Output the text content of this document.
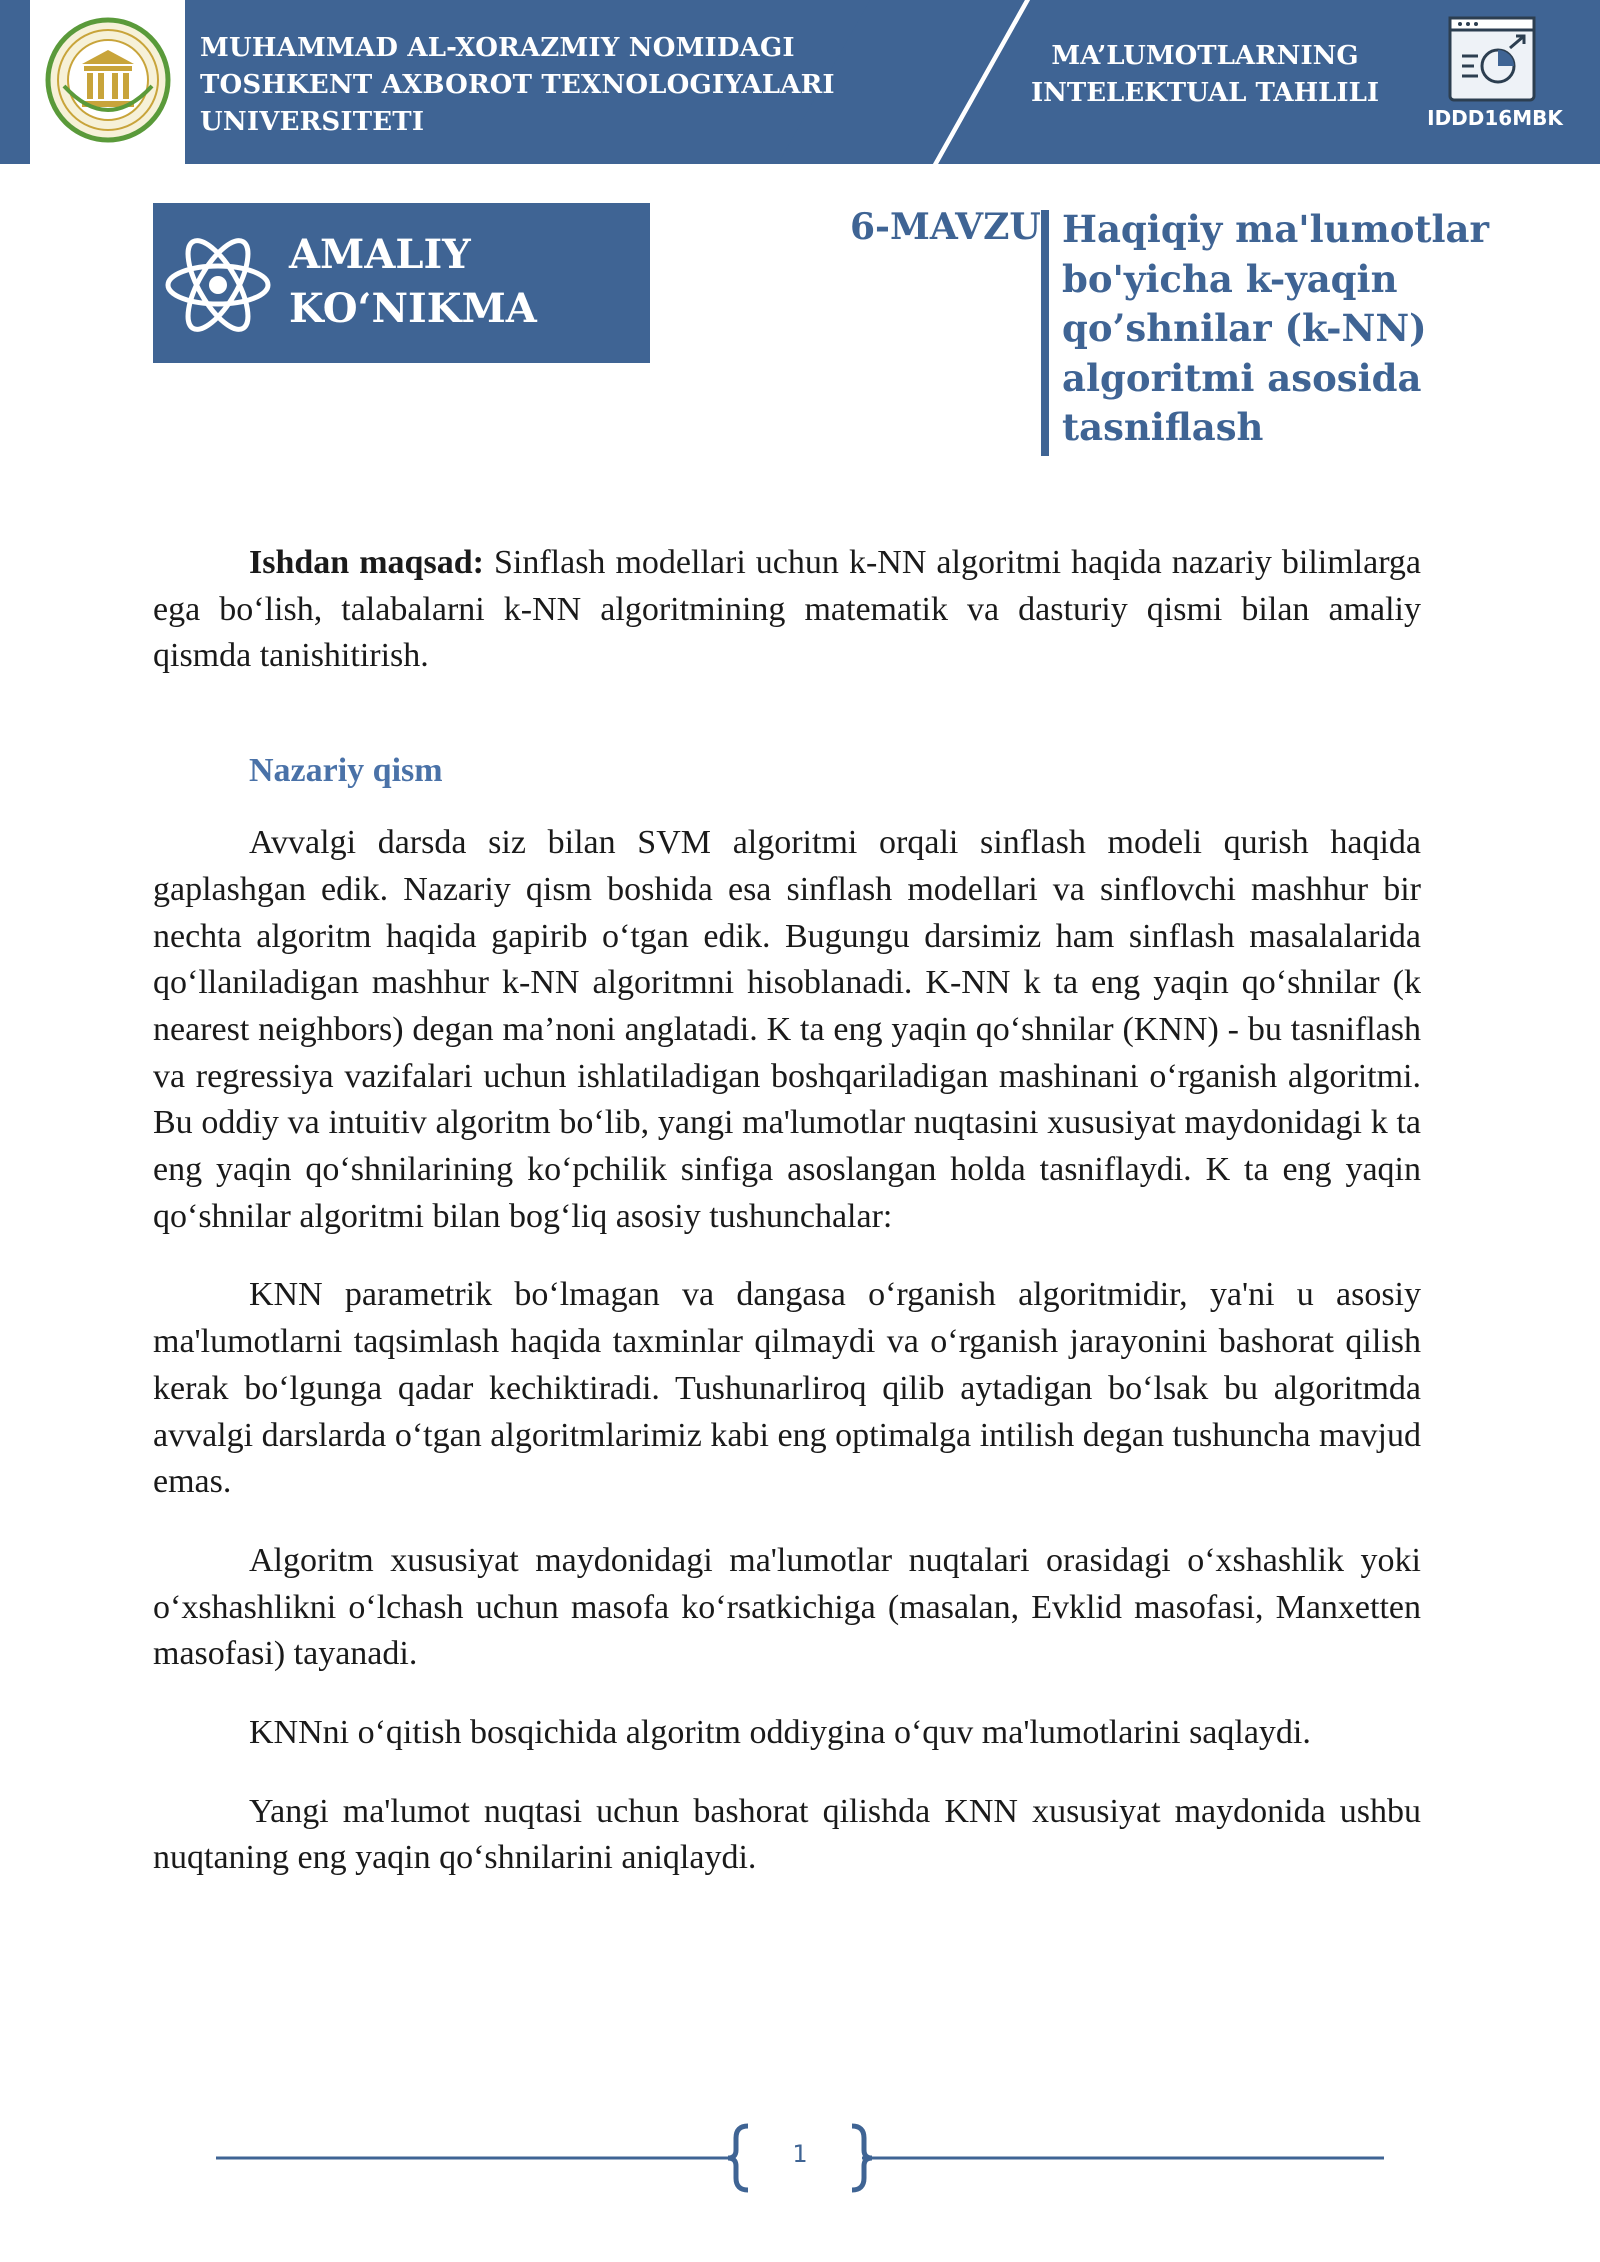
MUHAMMAD AL-XORAZMIY NOMIDAGI
TOSHKENT AXBOROT TEXNOLOGIYALARI
UNIVERSITETI
MA’LUMOTLARNING
INTELEKTUAL TAHLILI
IDDD16MBK
AMALIY
KO‘NIKMA
6-MAVZU Haqiqiy ma'lumotlar
bo'yicha k-yaqin
qo’shnilar (k-NN)
algoritmi asosida
tasniflash

Ishdan maqsad: Sinflash modellari uchun k-NN algoritmi haqida nazariy bilimlarga ega bo‘lish, talabalarni k-NN algoritmining matematik va dasturiy qismi bilan amaliy qismda tanishitirish.

Nazariy qism

Avvalgi darsda siz bilan SVM algoritmi orqali sinflash modeli qurish haqida gaplashgan edik. Nazariy qism boshida esa sinflash modellari va sinflovchi mashhur bir nechta algoritm haqida gapirib o‘tgan edik. Bugungu darsimiz ham sinflash masalalarida qo‘llaniladigan mashhur k-NN algoritmni hisoblanadi. K-NN k ta eng yaqin qo‘shnilar (k nearest neighbors) degan ma’noni anglatadi. K ta eng yaqin qo‘shnilar (KNN) - bu tasniflash va regressiya vazifalari uchun ishlatiladigan boshqariladigan mashinani o‘rganish algoritmi. Bu oddiy va intuitiv algoritm bo‘lib, yangi ma'lumotlar nuqtasini xususiyat maydonidagi k ta eng yaqin qo‘shnilarining ko‘pchilik sinfiga asoslangan holda tasniflaydi. K ta eng yaqin qo‘shnilar algoritmi bilan bog‘liq asosiy tushunchalar:

KNN parametrik bo‘lmagan va dangasa o‘rganish algoritmidir, ya'ni u asosiy ma'lumotlarni taqsimlash haqida taxminlar qilmaydi va o‘rganish jarayonini bashorat qilish kerak bo‘lgunga qadar kechiktiradi. Tushunarliroq qilib aytadigan bo‘lsak bu algoritmda avvalgi darslarda o‘tgan algoritmlarimiz kabi eng optimalga intilish degan tushuncha mavjud emas.

Algoritm xususiyat maydonidagi ma'lumotlar nuqtalari orasidagi o‘xshashlik yoki o‘xshashlikni o‘lchash uchun masofa ko‘rsatkichiga (masalan, Evklid masofasi, Manxetten masofasi) tayanadi.

KNNni o‘qitish bosqichida algoritm oddiygina o‘quv ma'lumotlarini saqlaydi.

Yangi ma'lumot nuqtasi uchun bashorat qilishda KNN xususiyat maydonida ushbu nuqtaning eng yaqin qo‘shnilarini aniqlaydi.

1
